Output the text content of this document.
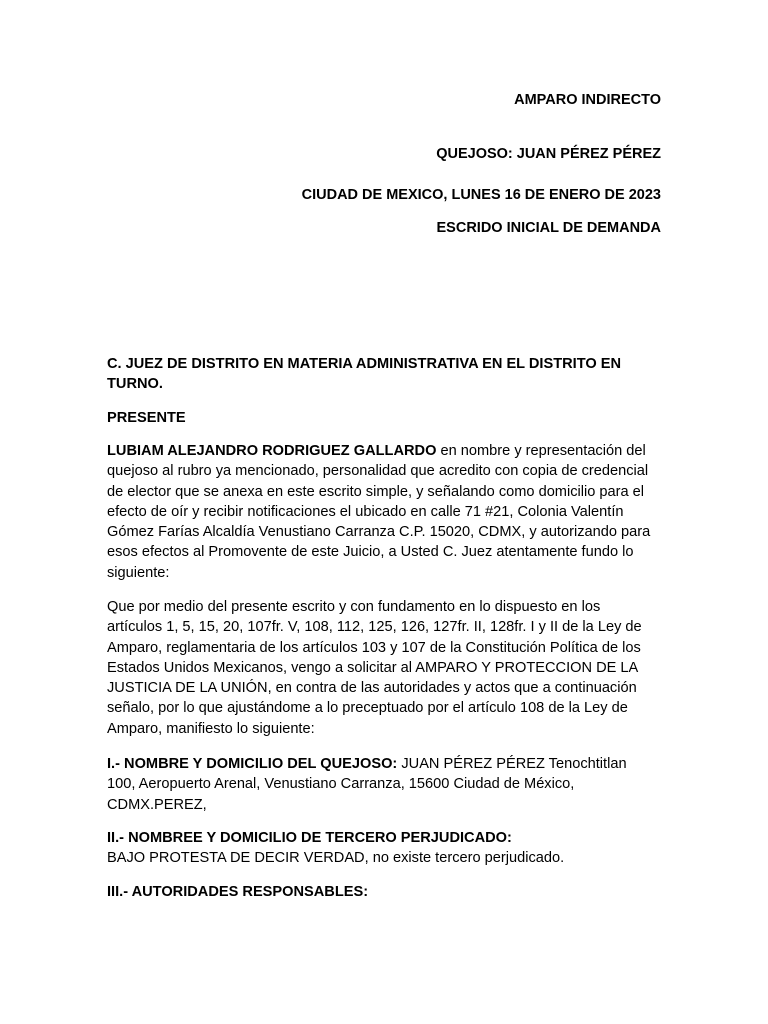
AMPARO INDIRECTO
QUEJOSO: JUAN PÉREZ PÉREZ
CIUDAD DE MEXICO, LUNES 16 DE ENERO DE 2023
ESCRIDO INICIAL DE DEMANDA
C. JUEZ DE DISTRITO EN MATERIA ADMINISTRATIVA EN EL DISTRITO EN TURNO.
PRESENTE

LUBIAM ALEJANDRO RODRIGUEZ GALLARDO en nombre y representación del quejoso al rubro ya mencionado, personalidad que acredito con copia de credencial de elector que se anexa en este escrito simple, y señalando como domicilio para el efecto de oír y recibir notificaciones el ubicado en calle 71 #21, Colonia Valentín Gómez Farías Alcaldía Venustiano Carranza C.P. 15020, CDMX, y autorizando para esos efectos al Promovente de este Juicio, a Usted C. Juez atentamente fundo lo siguiente:

Que por medio del presente escrito y con fundamento en lo dispuesto en los artículos 1, 5, 15, 20, 107fr. V, 108, 112, 125, 126, 127fr. II, 128fr. I y II de la Ley de Amparo, reglamentaria de los artículos 103 y 107 de la Constitución Política de los Estados Unidos Mexicanos, vengo a solicitar al AMPARO Y PROTECCION DE LA JUSTICIA DE LA UNIÓN, en contra de las autoridades y actos que a continuación señalo, por lo que ajustándome a lo preceptuado por el artículo 108 de la Ley de Amparo, manifiesto lo siguiente:

I.- NOMBRE Y DOMICILIO DEL QUEJOSO: JUAN PÉREZ PÉREZ Tenochtitlan 100, Aeropuerto Arenal, Venustiano Carranza, 15600 Ciudad de México, CDMX.PEREZ,

II.- NOMBREE Y DOMICILIO DE TERCERO PERJUDICADO:
BAJO PROTESTA DE DECIR VERDAD, no existe tercero perjudicado.
III.- AUTORIDADES RESPONSABLES:
